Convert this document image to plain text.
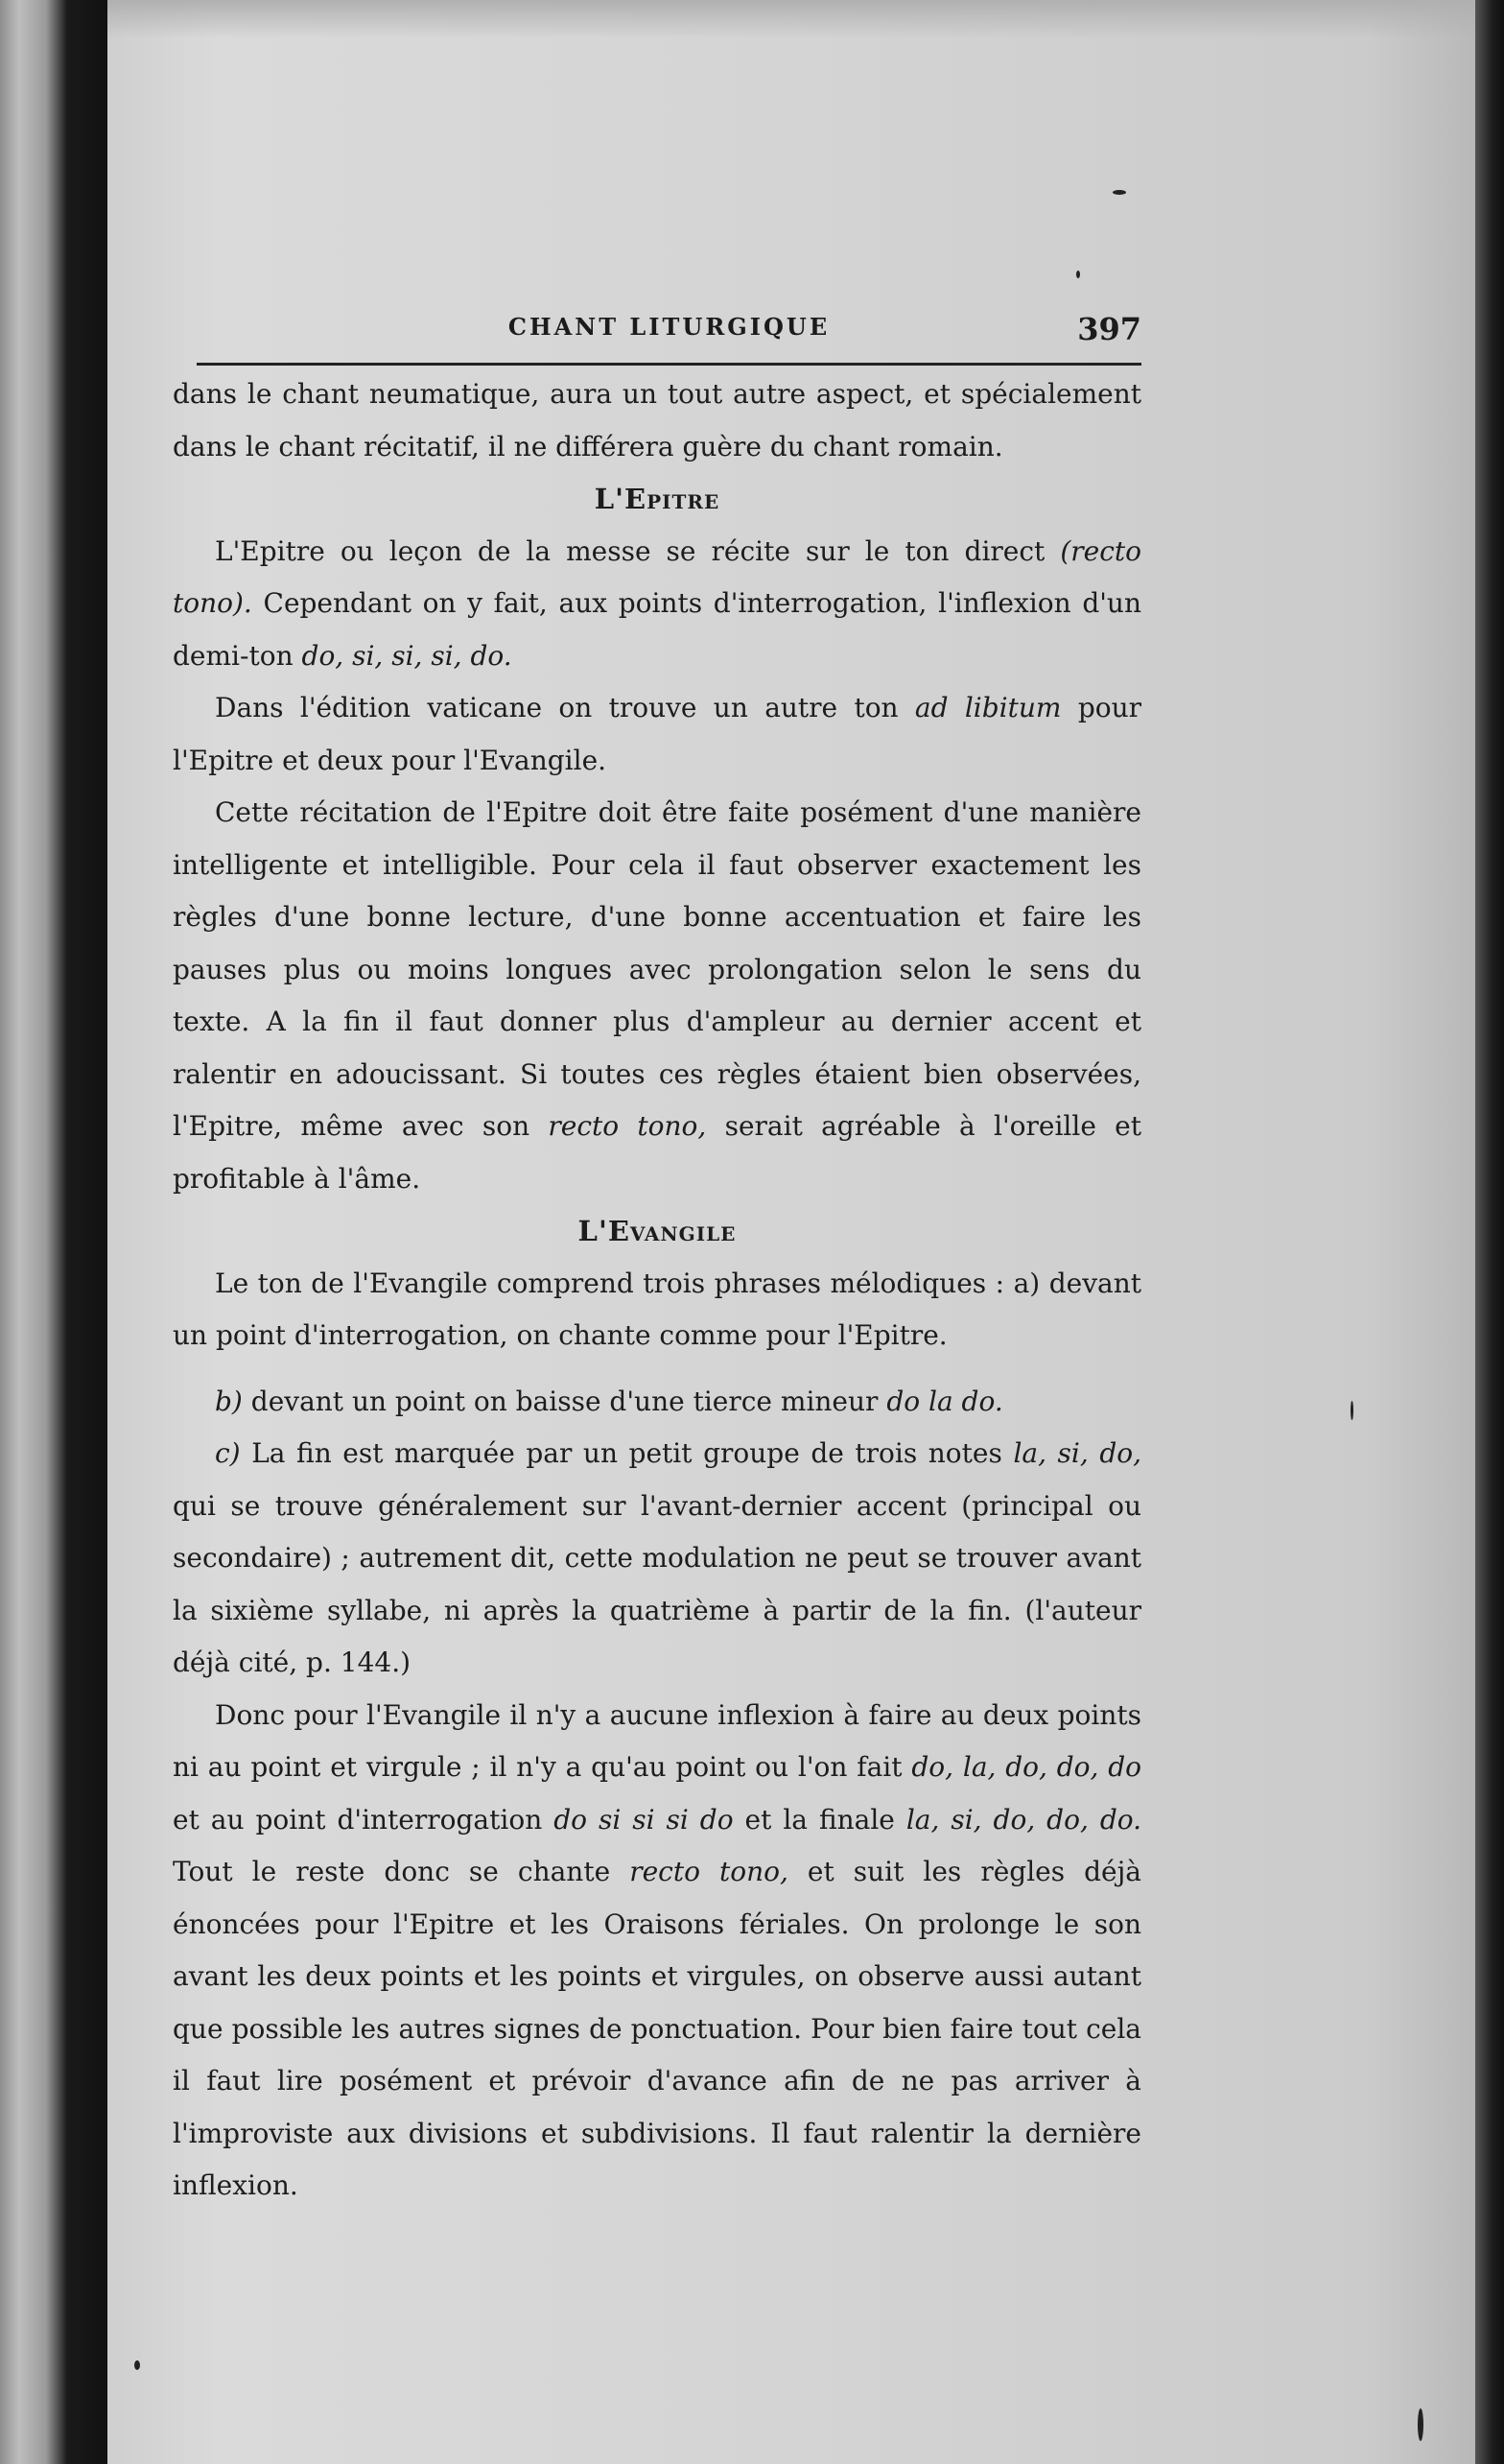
CHANT LITURGIQUE	397

dans le chant neumatique, aura un tout autre aspect, et spécialement dans le chant récitatif, il ne différera guère du chant romain.

L'Epitre

L'Epitre ou leçon de la messe se récite sur le ton direct (recto tono). Cependant on y fait, aux points d'interrogation, l'inflexion d'un demi-ton do, si, si, si, do.

Dans l'édition vaticane on trouve un autre ton ad libitum pour l'Epitre et deux pour l'Evangile.

Cette récitation de l'Epitre doit être faite posément d'une manière intelligente et intelligible. Pour cela il faut observer exactement les règles d'une bonne lecture, d'une bonne accentuation et faire les pauses plus ou moins longues avec prolongation selon le sens du texte. A la fin il faut donner plus d'ampleur au dernier accent et ralentir en adoucissant. Si toutes ces règles étaient bien observées, l'Epitre, même avec son recto tono, serait agréable à l'oreille et profitable à l'âme.

L'Evangile

Le ton de l'Evangile comprend trois phrases mélodiques : a) devant un point d'interrogation, on chante comme pour l'Epitre.

b) devant un point on baisse d'une tierce mineur do la do.

c) La fin est marquée par un petit groupe de trois notes la, si, do, qui se trouve généralement sur l'avant-dernier accent (principal ou secondaire) ; autrement dit, cette modulation ne peut se trouver avant la sixième syllabe, ni après la quatrième à partir de la fin. (l'auteur déjà cité, p. 144.)

Donc pour l'Evangile il n'y a aucune inflexion à faire au deux points ni au point et virgule ; il n'y a qu'au point ou l'on fait do, la, do, do, do et au point d'interrogation do si si si do et la finale la, si, do, do, do. Tout le reste donc se chante recto tono, et suit les règles déjà énoncées pour l'Epitre et les Oraisons fériales. On prolonge le son avant les deux points et les points et virgules, on observe aussi autant que possible les autres signes de ponctuation. Pour bien faire tout cela il faut lire posément et prévoir d'avance afin de ne pas arriver à l'improviste aux divisions et subdivisions. Il faut ralentir la dernière inflexion.
